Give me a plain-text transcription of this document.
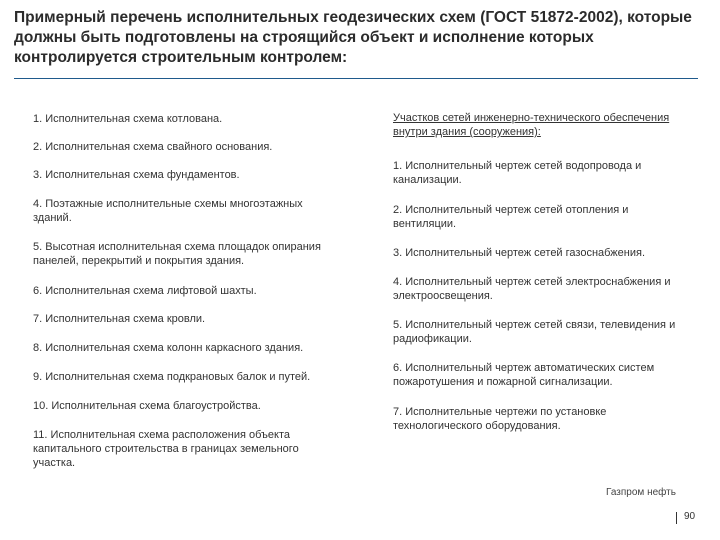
Примерный перечень исполнительных геодезических схем (ГОСТ 51872-2002), которые должны быть подготовлены на строящийся объект и исполнение которых контролируется строительным контролем:
1. Исполнительная схема котлована.
2. Исполнительная схема свайного основания.
3. Исполнительная схема фундаментов.
4. Поэтажные исполнительные схемы многоэтажных зданий.
5. Высотная исполнительная схема площадок опирания панелей, перекрытий и покрытия здания.
6. Исполнительная схема лифтовой шахты.
7. Исполнительная схема кровли.
8. Исполнительная схема колонн каркасного здания.
9. Исполнительная схема подкрановых балок и путей.
10. Исполнительная схема благоустройства.
11. Исполнительная схема расположения объекта капитального строительства в границах земельного участка.
Участков сетей инженерно-технического обеспечения внутри здания (сооружения):
1. Исполнительный чертеж сетей водопровода и канализации.
2. Исполнительный чертеж сетей отопления и вентиляции.
3. Исполнительный чертеж сетей газоснабжения.
4. Исполнительный чертеж сетей электроснабжения и электроосвещения.
5. Исполнительный чертеж сетей связи, телевидения и радиофикации.
6. Исполнительный чертеж автоматических систем пожаротушения и пожарной сигнализации.
7. Исполнительные чертежи по установке технологического оборудования.
Газпром нефть
90
